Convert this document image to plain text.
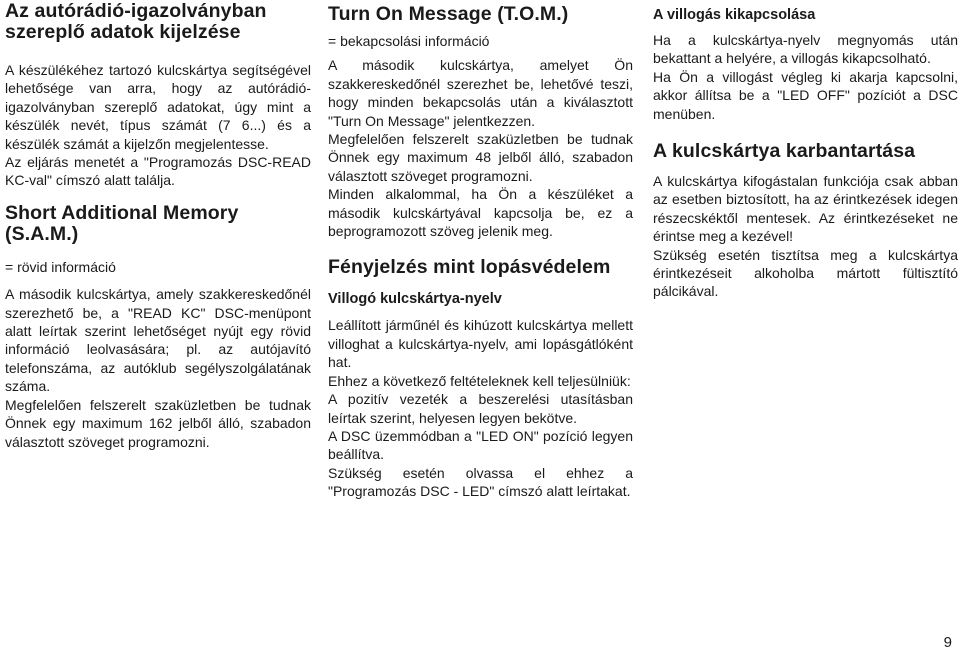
Az autórádió-igazolványban szereplő adatok kijelzése

A készülékéhez tartozó kulcskártya segítségével lehetősége van arra, hogy az autórádió-igazolványban szereplő adatokat, úgy mint a készülék nevét, típus számát (7 6...) és a készülék számát a kijelzőn megjelentesse.

Az eljárás menetét a "Programozás DSC-READ KC-val" címszó alatt találja.

Short Additional Memory (S.A.M.)

= rövid információ

A második kulcskártya, amely szakkereskedőnél szerezhető be, a "READ KC" DSC-menüpont alatt leírtak szerint lehetőséget nyújt egy rövid információ leolvasására; pl. az autójavító telefonszáma, az autóklub segélyszolgálatának száma.

Megfelelően felszerelt szaküzletben be tudnak Önnek egy maximum 162 jelből álló, szabadon választott szöveget programozni.

Turn On Message (T.O.M.)

= bekapcsolási információ

A második kulcskártya, amelyet Ön szakkereskedőnél szerezhet be, lehetővé teszi, hogy minden bekapcsolás után a kiválasztott "Turn On Message" jelentkezzen.

Megfelelően felszerelt szaküzletben be tudnak Önnek egy maximum 48 jelből álló, szabadon választott szöveget programozni.

Minden alkalommal, ha Ön a készüléket a második kulcskártyával kapcsolja be, ez a beprogramozott szöveg jelenik meg.

Fényjelzés mint lopásvédelem
Villogó kulcskártya-nyelv

Leállított járműnél és kihúzott kulcskártya mellett villoghat a kulcskártya-nyelv, ami lopásgátlóként hat.

Ehhez a következő feltételeknek kell teljesülniük:

A pozitív vezeték a beszerelési utasításban leírtak szerint, helyesen legyen bekötve.

A DSC üzemmódban a "LED ON" pozíció legyen beállítva.

Szükség esetén olvassa el ehhez a "Programozás DSC - LED" címszó alatt leírtakat.

A villogás kikapcsolása

Ha a kulcskártya-nyelv megnyomás után bekattant a helyére, a villogás kikapcsolható.

Ha Ön a villogást végleg ki akarja kapcsolni, akkor állítsa be a "LED OFF" pozíciót a DSC menüben.

A kulcskártya karbantartása

A kulcskártya kifogástalan funkciója csak abban az esetben biztosított, ha az érintkezések idegen részecskéktől mentesek. Az érintkezéseket ne érintse meg a kezével!

Szükség esetén tisztítsa meg a kulcskártya érintkezéseit alkoholba mártott fültisztító pálcikával.

9
